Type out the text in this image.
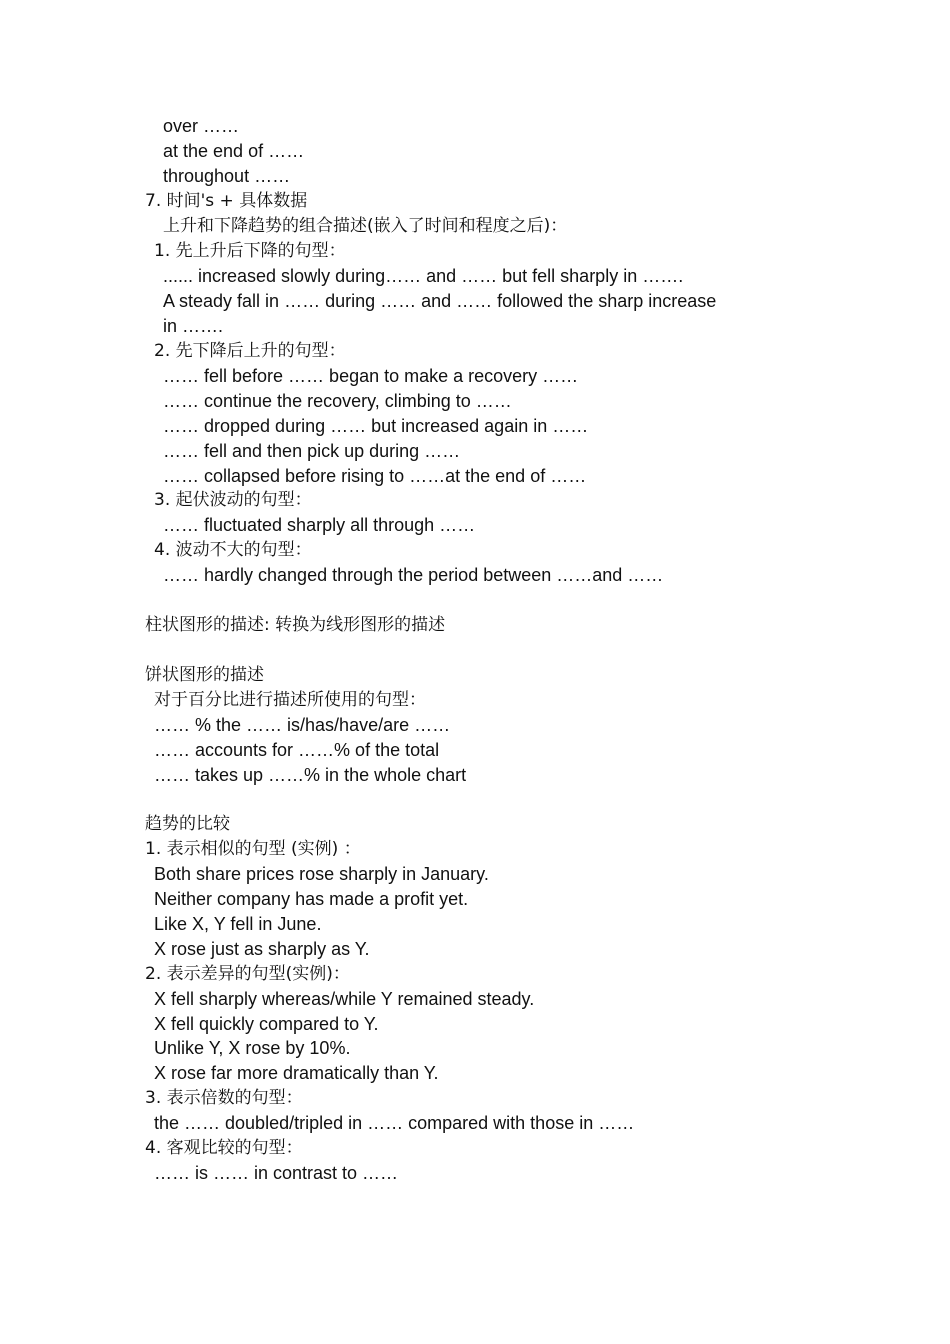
over ……
at the end of ……
throughout ……
7. 时间's + 具体数据
上升和下降趋势的组合描述(嵌入了时间和程度之后)：
1. 先上升后下降的句型：
...... increased slowly during…… and …… but fell sharply in …….
A steady fall in …… during …… and …… followed the sharp increase
in …….
2. 先下降后上升的句型：
…… fell before …… began to make a recovery ……
…… continue the recovery, climbing to ……
…… dropped during …… but increased again in ……
…… fell and then pick up during ……
…… collapsed before rising to ……at the end of ……
3. 起伏波动的句型：
…… fluctuated sharply all through ……
4. 波动不大的句型：
…… hardly changed through the period between ……and ……
柱状图形的描述: 转换为线形图形的描述
饼状图形的描述
对于百分比进行描述所使用的句型：
…… % the …… is/has/have/are ……
…… accounts for ……% of the total
…… takes up ……% in the whole chart
趋势的比较
1. 表示相似的句型 (实例) ：
Both share prices rose sharply in January.
Neither company has made a profit yet.
Like X, Y fell in June.
X rose just as sharply as Y.
2. 表示差异的句型(实例)：
X fell sharply whereas/while Y remained steady.
X fell quickly compared to Y.
Unlike Y, X rose by 10%.
X rose far more dramatically than Y.
3. 表示倍数的句型：
the …… doubled/tripled in …… compared with those in ……
4. 客观比较的句型：
…… is …… in contrast to ……
